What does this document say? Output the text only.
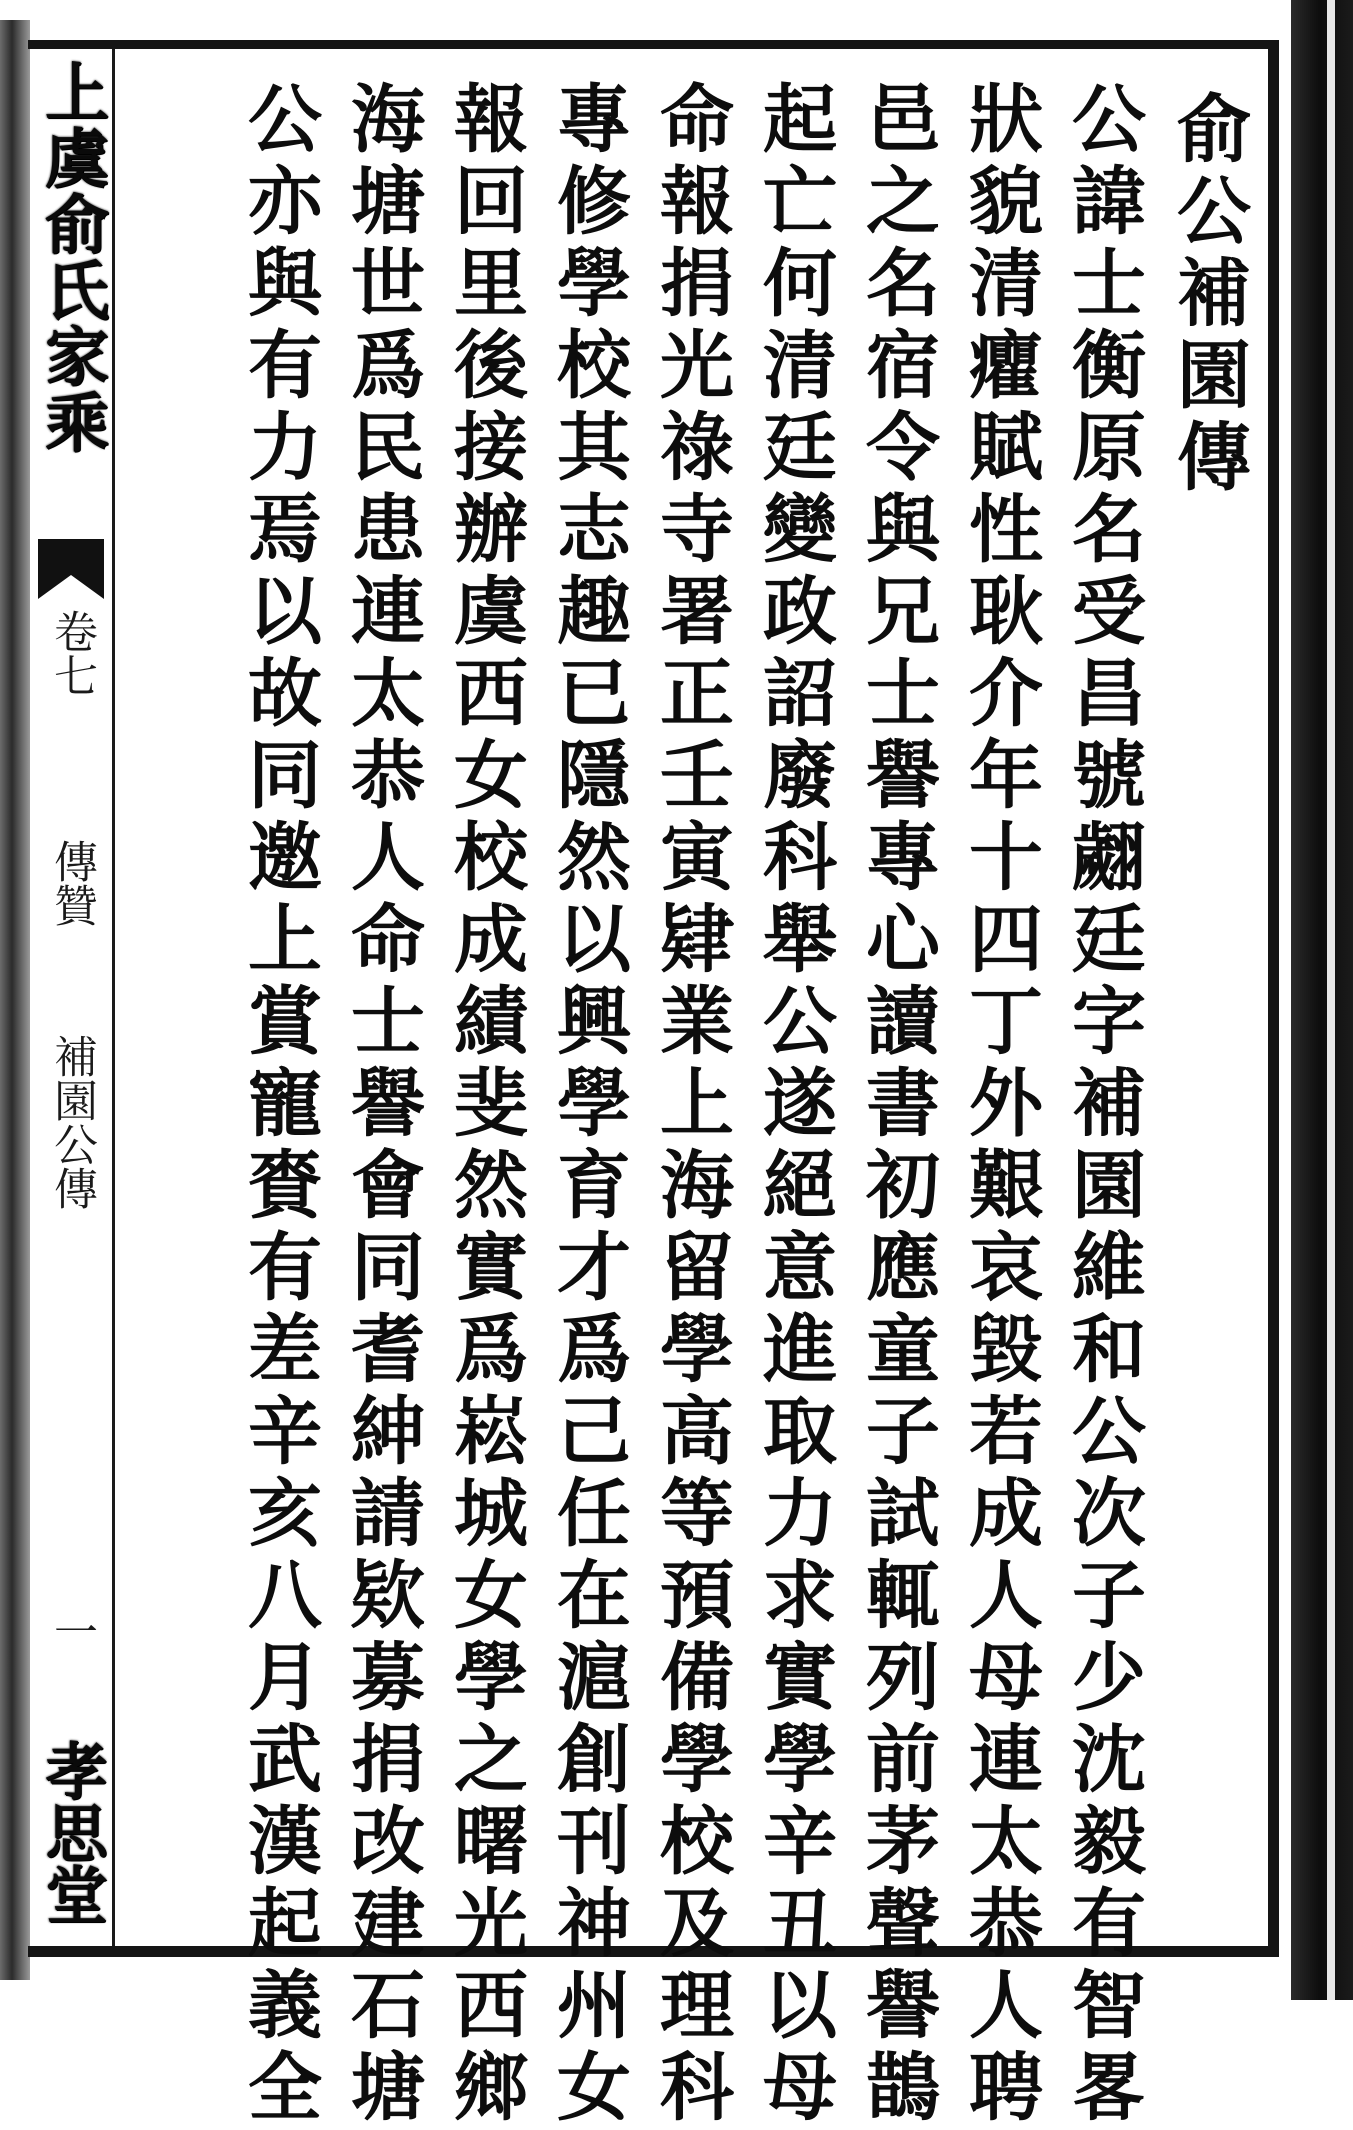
上虞俞氏家乘
卷七
傳贊
補園公傳
一
孝思堂
俞公補園傳
公諱士衡原名受昌號翽廷字補園維和公次子少沈毅有智畧
狀貌清癯賦性耿介年十四丁外艱哀毀若成人母連太恭人聘
邑之名宿令與兄士譽專心讀書初應童子試輒列前茅聲譽鵲
起亡何清廷變政詔廢科舉公遂絕意進取力求實學辛丑以母
命報捐光祿寺署正壬寅肄業上海留學高等預備學校及理科
專修學校其志趣已隱然以興學育才爲己任在滬創刊神州女
報回里後接辦虞西女校成績斐然實爲崧城女學之曙光西鄉
海塘世爲民患連太恭人命士譽會同耆紳請欵募捐改建石塘
公亦與有力焉以故同邀上賞寵賚有差辛亥八月武漢起義全
